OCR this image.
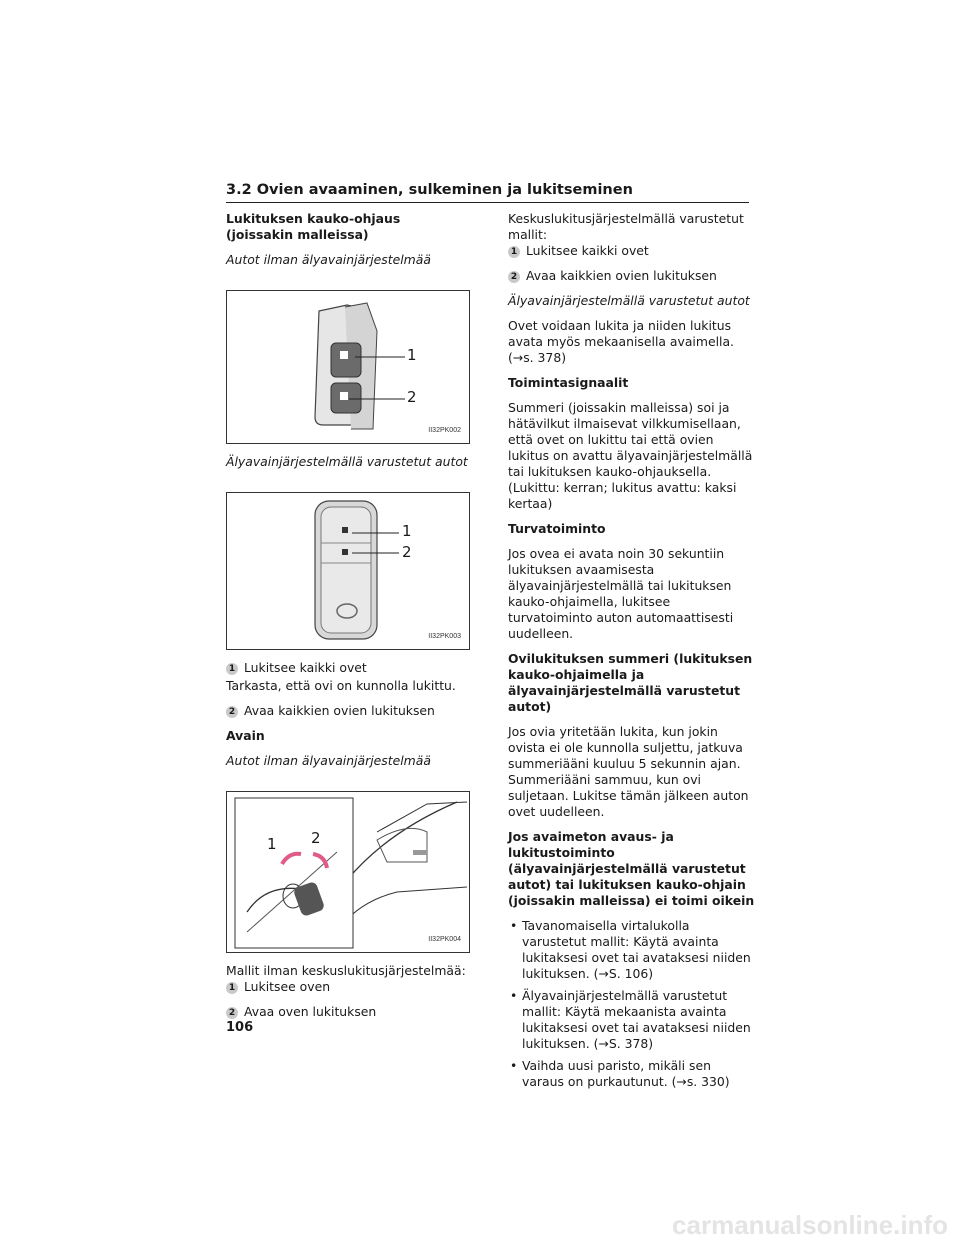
3.2 Ovien avaaminen, sulkeminen ja lukitseminen

Lukituksen kauko-ohjaus (joissakin malleissa)

Autot ilman älyavainjärjestelmää

1
2
II32PK002

Älyavainjärjestelmällä varustetut autot

1
2
II32PK003

1 Lukitsee kaikki ovet

Tarkasta, että ovi on kunnolla lukittu.

2 Avaa kaikkien ovien lukituksen

Avain

Autot ilman älyavainjärjestelmää

1 2
II32PK004

Mallit ilman keskuslukitusjärjestelmää:

1 Lukitsee oven

2 Avaa oven lukituksen

Keskuslukitusjärjestelmällä varustetut mallit:

1 Lukitsee kaikki ovet

2 Avaa kaikkien ovien lukituksen

Älyavainjärjestelmällä varustetut autot

Ovet voidaan lukita ja niiden lukitus avata myös mekaanisella avaimella. (→s. 378)

Toimintasignaalit

Summeri (joissakin malleissa) soi ja hätävilkut ilmaisevat vilkkumisellaan, että ovet on lukittu tai että ovien lukitus on avattu älyavainjärjestelmällä tai lukituksen kauko-ohjauksella. (Lukittu: kerran; lukitus avattu: kaksi kertaa)

Turvatoiminto

Jos ovea ei avata noin 30 sekuntiin lukituksen avaamisesta älyavainjärjestelmällä tai lukituksen kauko-ohjaimella, lukitsee turvatoiminto auton automaattisesti uudelleen.

Ovilukituksen summeri (lukituksen kauko-ohjaimella ja älyavainjärjestelmällä varustetut autot)

Jos ovia yritetään lukita, kun jokin ovista ei ole kunnolla suljettu, jatkuva summeriääni kuuluu 5 sekunnin ajan. Summeriääni sammuu, kun ovi suljetaan. Lukitse tämän jälkeen auton ovet uudelleen.

Jos avaimeton avaus- ja lukitustoiminto (älyavainjärjestelmällä varustetut autot) tai lukituksen kauko-ohjain (joissakin malleissa) ei toimi oikein

• Tavanomaisella virtalukolla varustetut mallit: Käytä avainta lukitaksesi ovet tai avataksesi niiden lukituksen. (→S. 106)
• Älyavainjärjestelmällä varustetut mallit: Käytä mekaanista avainta lukitaksesi ovet tai avataksesi niiden lukituksen. (→S. 378)
• Vaihda uusi paristo, mikäli sen varaus on purkautunut. (→s. 330)
106
carmanualsonline.info
